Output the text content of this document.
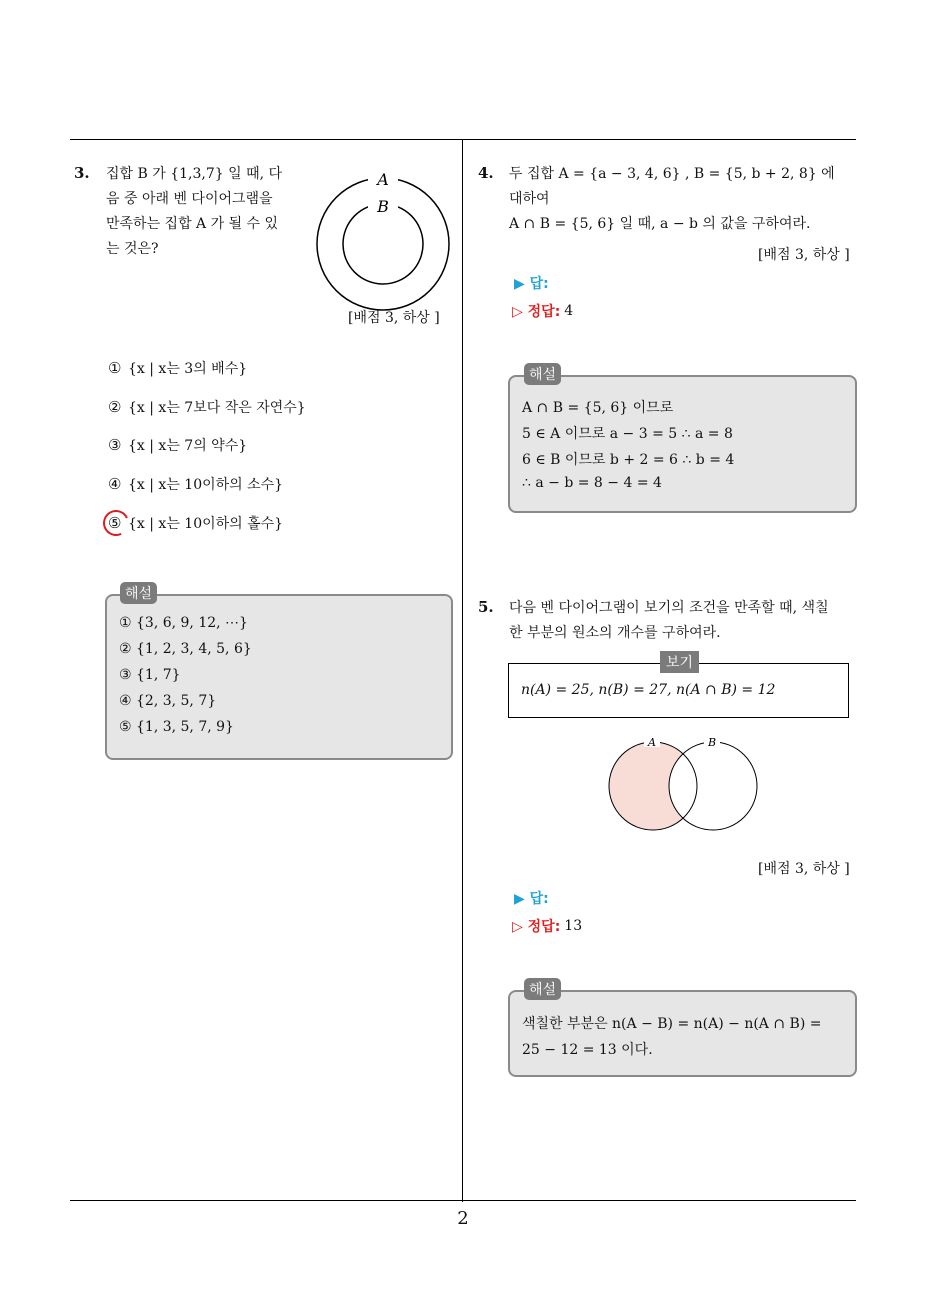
2
3. 집합 B 가 {1,3,7} 일 때, 다
음 중 아래 벤 다이어그램을
만족하는 집합 A 가 될 수 있
는 것은?
A
B
[배점 3, 하상 ]
① {x | x는 3의 배수}
② {x | x는 7보다 작은 자연수}
③ {x | x는 7의 약수}
④ {x | x는 10이하의 소수}
⑤ {x | x는 10이하의 홀수}
해설
① {3, 6, 9, 12, ⋯}
② {1, 2, 3, 4, 5, 6}
③ {1, 7}
④ {2, 3, 5, 7}
⑤ {1, 3, 5, 7, 9}
4. 두 집합 A = {a − 3, 4, 6} , B = {5, b + 2, 8} 에
대하여
A ∩ B = {5, 6} 일 때, a − b 의 값을 구하여라.
[배점 3, 하상 ]
▶ 답:
▷ 정답: 4
해설
A ∩ B = {5, 6} 이므로
5 ∈ A 이므로 a − 3 = 5 ∴ a = 8
6 ∈ B 이므로 b + 2 = 6 ∴ b = 4
∴ a − b = 8 − 4 = 4
5. 다음 벤 다이어그램이 보기의 조건을 만족할 때, 색칠
한 부분의 원소의 개수를 구하여라.
보기
n(A) = 25, n(B) = 27, n(A ∩ B) = 12
A	B
[배점 3, 하상 ]
▶ 답:
▷ 정답: 13
해설
색칠한 부분은 n(A − B) = n(A) − n(A ∩ B) =
25 − 12 = 13 이다.
